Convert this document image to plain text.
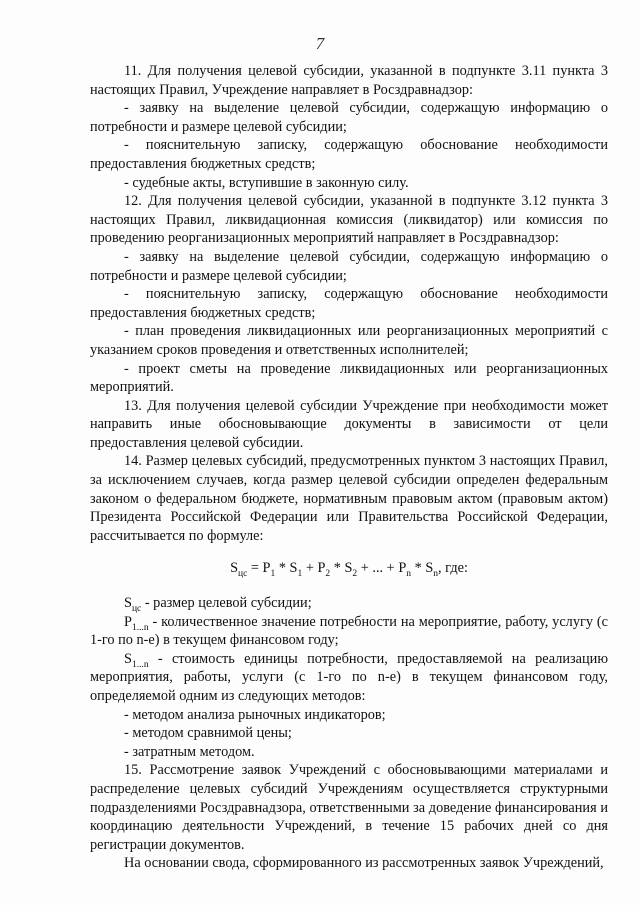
7

11. Для получения целевой субсидии, указанной в подпункте 3.11 пункта 3 настоящих Правил, Учреждение направляет в Росздравнадзор:

- заявку на выделение целевой субсидии, содержащую информацию о потребности и размере целевой субсидии;

- пояснительную записку, содержащую обоснование необходимости предоставления бюджетных средств;

- судебные акты, вступившие в законную силу.

12. Для получения целевой субсидии, указанной в подпункте 3.12 пункта 3 настоящих Правил, ликвидационная комиссия (ликвидатор) или комиссия по проведению реорганизационных мероприятий направляет в Росздравнадзор:

- заявку на выделение целевой субсидии, содержащую информацию о потребности и размере целевой субсидии;

- пояснительную записку, содержащую обоснование необходимости предоставления бюджетных средств;

- план проведения ликвидационных или реорганизационных мероприятий с указанием сроков проведения и ответственных исполнителей;

- проект сметы на проведение ликвидационных или реорганизационных мероприятий.

13. Для получения целевой субсидии Учреждение при необходимости может направить иные обосновывающие документы в зависимости от цели предоставления целевой субсидии.

14. Размер целевых субсидий, предусмотренных пунктом 3 настоящих Правил, за исключением случаев, когда размер целевой субсидии определен федеральным законом о федеральном бюджете, нормативным правовым актом (правовым актом) Президента Российской Федерации или Правительства Российской Федерации, рассчитывается по формуле:

$S_{цс} = P_1 * S_1 + P_2 * S_2$ + ... + $P_n * S_n$, где:

$S_{цс}$ - размер целевой субсидии;

$P_{1...n}$ - количественное значение потребности на мероприятие, работу, услугу (с 1-го по n-е) в текущем финансовом году;

$S_{1...n}$ - стоимость единицы потребности, предоставляемой на реализацию мероприятия, работы, услуги (с 1-го по n-е) в текущем финансовом году, определяемой одним из следующих методов:

- методом анализа рыночных индикаторов;

- методом сравнимой цены;

- затратным методом.

15. Рассмотрение заявок Учреждений с обосновывающими материалами и распределение целевых субсидий Учреждениям осуществляется структурными подразделениями Росздравнадзора, ответственными за доведение финансирования и координацию деятельности Учреждений, в течение 15 рабочих дней со дня регистрации документов.

На основании свода, сформированного из рассмотренных заявок Учреждений,
